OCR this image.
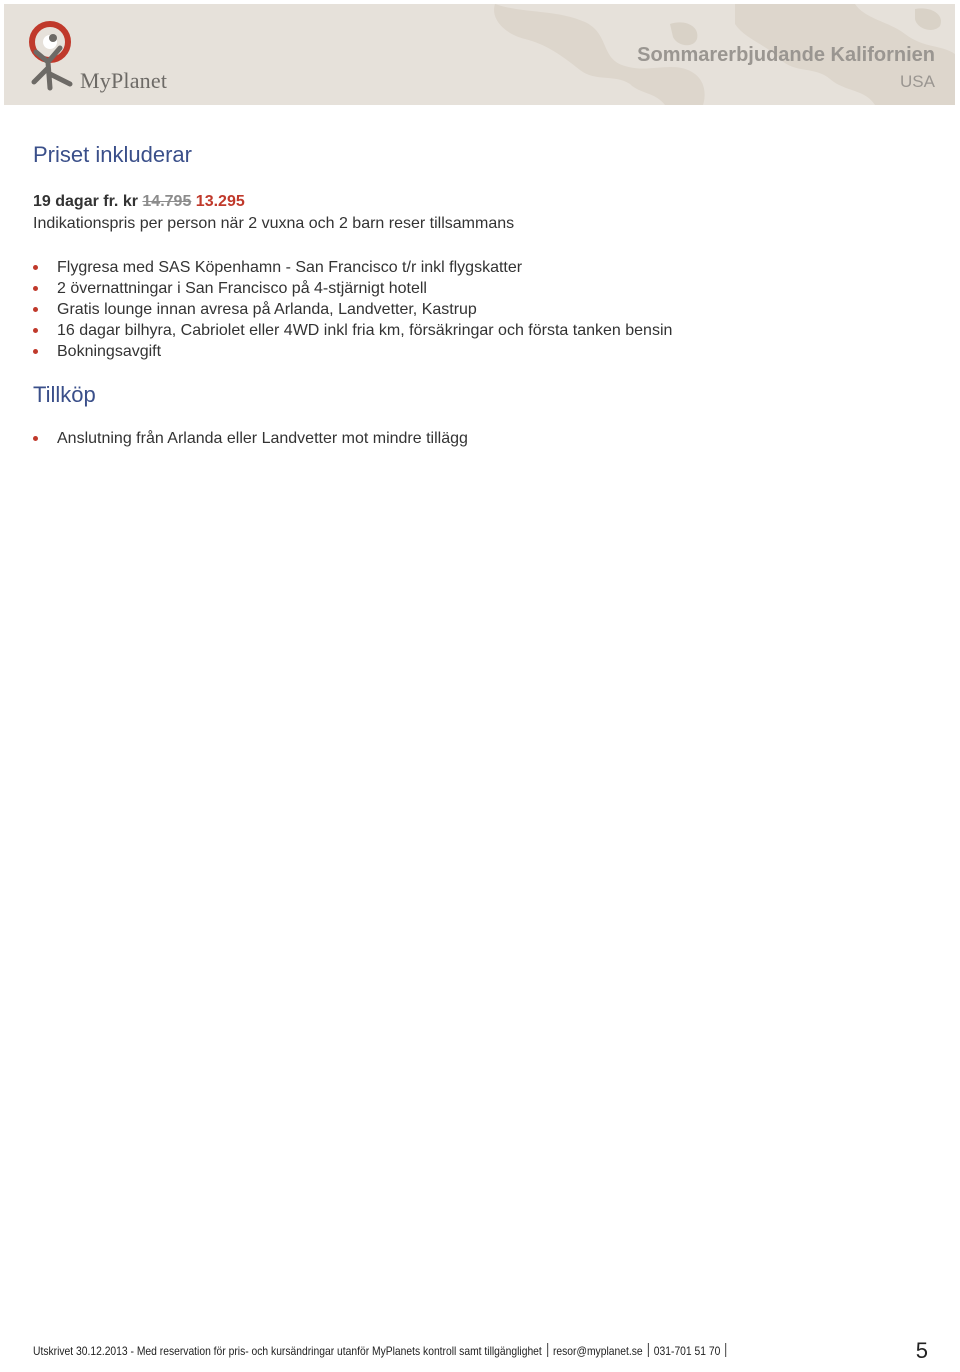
MyPlanet
Sommarerbjudande Kalifornien
USA
Priset inkluderar
19 dagar fr. kr 14.795 13.295
Indikationspris per person när 2 vuxna och 2 barn reser tillsammans
Flygresa med SAS Köpenhamn - San Francisco t/r inkl flygskatter
2 övernattningar i San Francisco på 4-stjärnigt hotell
Gratis lounge innan avresa på Arlanda, Landvetter, Kastrup
16 dagar bilhyra, Cabriolet eller 4WD inkl fria km, försäkringar och första tanken bensin
Bokningsavgift
Tillköp
Anslutning från Arlanda eller Landvetter mot mindre tillägg
Utskrivet 30.12.2013 - Med reservation för pris- och kursändringar utanför MyPlanets kontroll samt tillgänglighet resor@myplanet.se 031-701 51 70	5
